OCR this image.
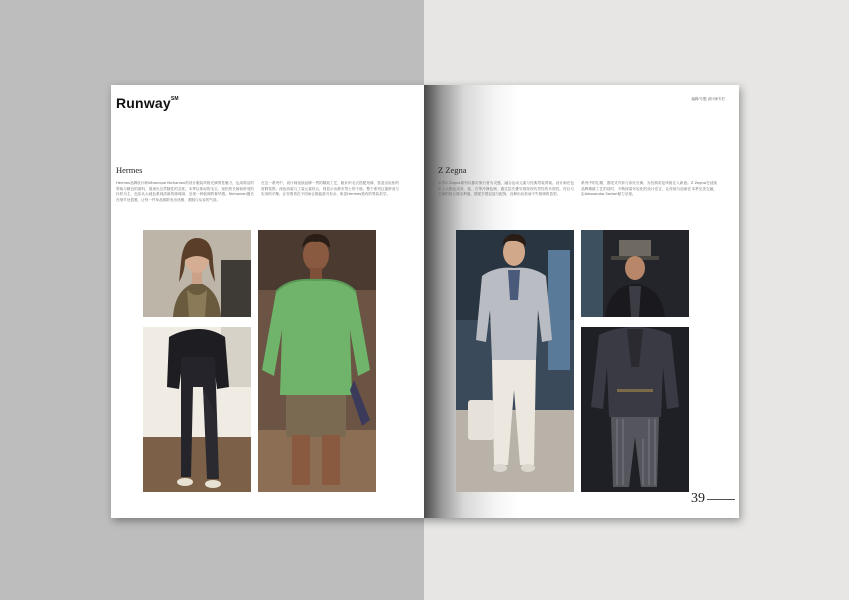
Runway℠
Hermes
Hermes品牌设计师Véronique Nichanian的设计服装风格充满男性魅力，运用简洁的剪裁与精良的面料，展现出自然随性的态度。本季以休闲的毛衣、宽松的长裤和舒适的针织为主，色彩从大地色系到清新的薄荷绿，呈现一种低调的奢华感。Nichanian擅长在细节处着墨，让每一件单品都散发出优雅、洒脱与从容的气质。
在这一系列中，设计师延续品牌一贯的精致工艺，粗针织毛衣搭配短裤，营造出轻松的度假氛围；深色西装与工装元素结合，则显示出都市男士的干练。整个系列注重舒适与实用的平衡，让穿着者在不同场合都能游刃有余，彰显Hermes独有的男装美学。
编辑/专题 设计师专栏
Z Zegna
本季Z Zegna系列以都市旅行者为灵感，融合运动元素与经典男装剪裁。设计师在色彩上大胆运用灰、蓝、白等冷静色调，通过层次叠穿展现现代男性的多面性。衬衫与长裤的组合简洁利落，搭配手提包袋与配饰，诠释出轻松而不失格调的造型。
系列中的礼帽、燕尾式外套与条纹长裤，为经典英伦风格注入新意。Z Zegna在延续品牌精湛工艺的同时，不断探索年轻化的设计语言，让传统与创新在本季完美交融，由Alessandro Sartori倾力呈现。
39
